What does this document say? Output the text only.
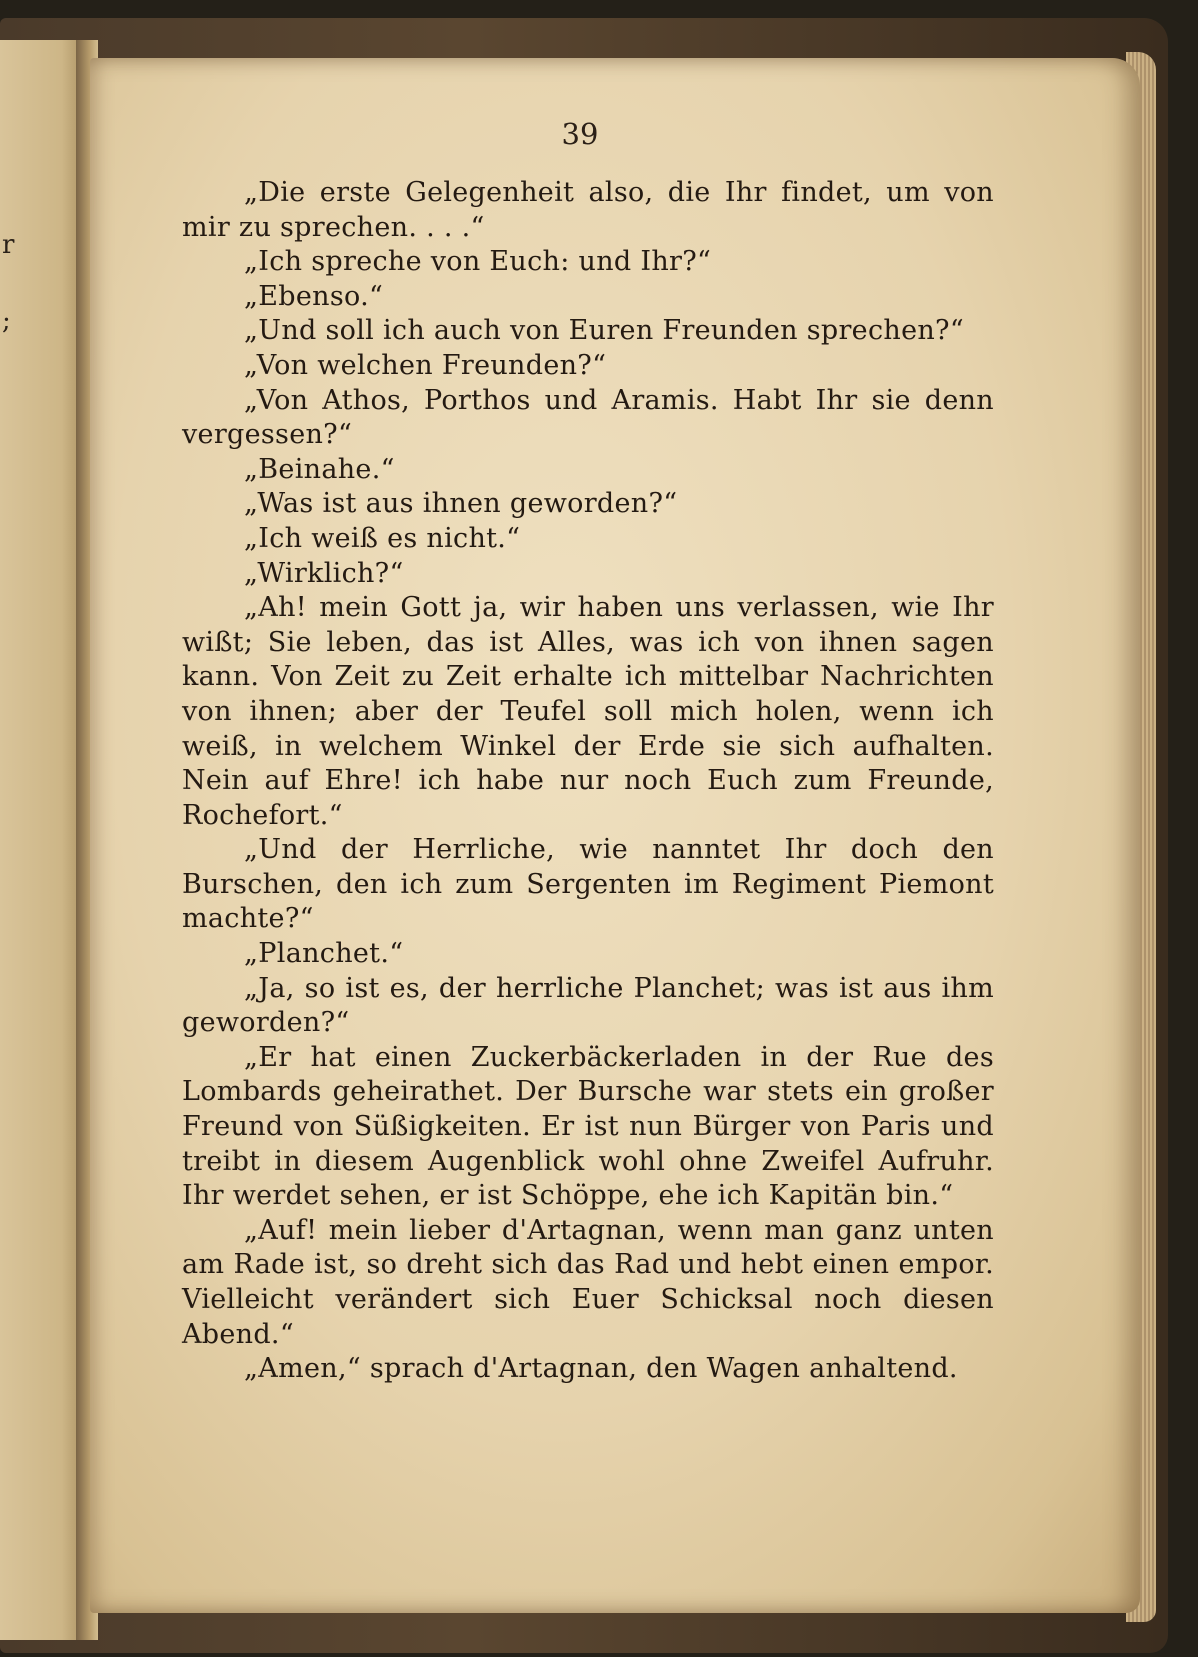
r
;
39

„Die erste Gelegenheit also, die Ihr findet, um von mir zu sprechen. . . .“

„Ich spreche von Euch: und Ihr?“

„Ebenso.“

„Und soll ich auch von Euren Freunden sprechen?“

„Von welchen Freunden?“

„Von Athos, Porthos und Aramis. Habt Ihr sie denn vergessen?“

„Beinahe.“

„Was ist aus ihnen geworden?“

„Ich weiß es nicht.“

„Wirklich?“

„Ah! mein Gott ja, wir haben uns verlassen, wie Ihr wißt; Sie leben, das ist Alles, was ich von ihnen sagen kann. Von Zeit zu Zeit erhalte ich mittelbar Nachrichten von ihnen; aber der Teufel soll mich holen, wenn ich weiß, in welchem Winkel der Erde sie sich aufhalten. Nein auf Ehre! ich habe nur noch Euch zum Freunde, Rochefort.“

„Und der Herrliche, wie nanntet Ihr doch den Burschen, den ich zum Sergenten im Regiment Piemont machte?“

„Planchet.“

„Ja, so ist es, der herrliche Planchet; was ist aus ihm geworden?“

„Er hat einen Zuckerbäckerladen in der Rue des Lombards geheirathet. Der Bursche war stets ein großer Freund von Süßigkeiten. Er ist nun Bürger von Paris und treibt in diesem Augenblick wohl ohne Zweifel Aufruhr. Ihr werdet sehen, er ist Schöppe, ehe ich Kapitän bin.“

„Auf! mein lieber d'Artagnan, wenn man ganz unten am Rade ist, so dreht sich das Rad und hebt einen empor. Vielleicht verändert sich Euer Schicksal noch diesen Abend.“

„Amen,“ sprach d'Artagnan, den Wagen anhaltend.
